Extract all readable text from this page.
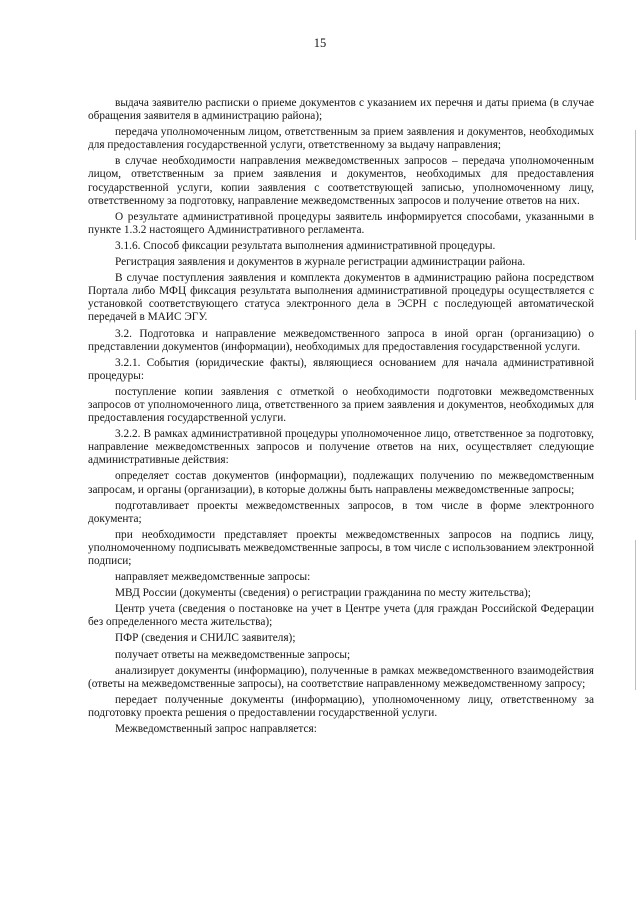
15

выдача заявителю расписки о приеме документов с указанием их перечня и даты приема (в случае обращения заявителя в администрацию района);

передача уполномоченным лицом, ответственным за прием заявления и документов, необходимых для предоставления государственной услуги, ответственному за выдачу направления;

в случае необходимости направления межведомственных запросов – передача уполномоченным лицом, ответственным за прием заявления и документов, необходимых для предоставления государственной услуги, копии заявления с соответствующей записью, уполномоченному лицу, ответственному за подготовку, направление межведомственных запросов и получение ответов на них.

О результате административной процедуры заявитель информируется способами, указанными в пункте 1.3.2 настоящего Административного регламента.

3.1.6. Способ фиксации результата выполнения административной процедуры.

Регистрация заявления и документов в журнале регистрации администрации района.

В случае поступления заявления и комплекта документов в администрацию района посредством Портала либо МФЦ фиксация результата выполнения административной процедуры осуществляется с установкой соответствующего статуса электронного дела в ЭСРН с последующей автоматической передачей в МАИС ЭГУ.

3.2. Подготовка и направление межведомственного запроса в иной орган (организацию) о представлении документов (информации), необходимых для предоставления государственной услуги.

3.2.1. События (юридические факты), являющиеся основанием для начала административной процедуры:

поступление копии заявления с отметкой о необходимости подготовки межведомственных запросов от уполномоченного лица, ответственного за прием заявления и документов, необходимых для предоставления государственной услуги.

3.2.2. В рамках административной процедуры уполномоченное лицо, ответственное за подготовку, направление межведомственных запросов и получение ответов на них, осуществляет следующие административные действия:

определяет состав документов (информации), подлежащих получению по межведомственным запросам, и органы (организации), в которые должны быть направлены межведомственные запросы;

подготавливает проекты межведомственных запросов, в том числе в форме электронного документа;

при необходимости представляет проекты межведомственных запросов на подпись лицу, уполномоченному подписывать межведомственные запросы, в том числе с использованием электронной подписи;

направляет межведомственные запросы:

МВД России (документы (сведения) о регистрации гражданина по месту жительства);

Центр учета (сведения о постановке на учет в Центре учета (для граждан Российской Федерации без определенного места жительства);

ПФР (сведения и СНИЛС заявителя);

получает ответы на межведомственные запросы;

анализирует документы (информацию), полученные в рамках межведомственного взаимодействия (ответы на межведомственные запросы), на соответствие направленному межведомственному запросу;

передает полученные документы (информацию), уполномоченному лицу, ответственному за подготовку проекта решения о предоставлении государственной услуги.

Межведомственный запрос направляется:
